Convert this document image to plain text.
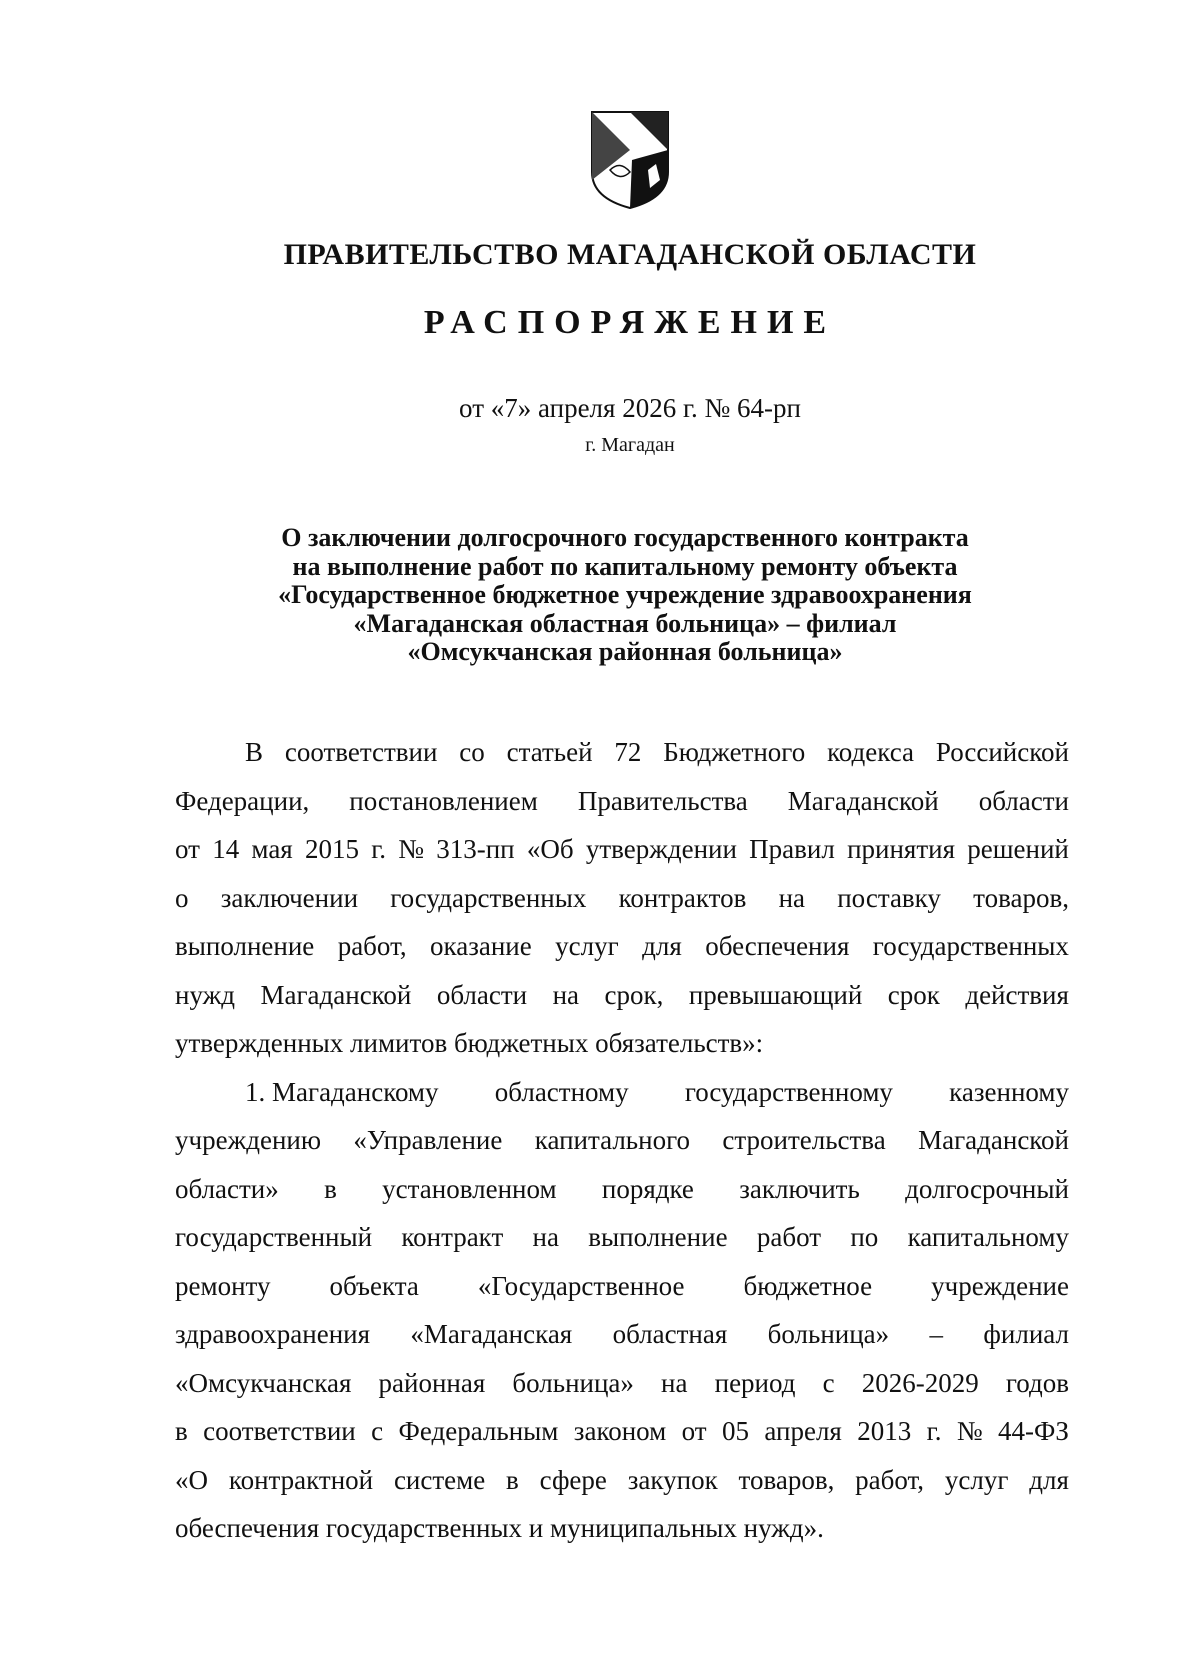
ПРАВИТЕЛЬСТВО МАГАДАНСКОЙ ОБЛАСТИ
РАСПОРЯЖЕНИЕ
от «7» апреля 2026 г. № 64-рп
г. Магадан
О заключении долгосрочного государственного контракта
на выполнение работ по капитальному ремонту объекта
«Государственное бюджетное учреждение здравоохранения
«Магаданская областная больница» – филиал
«Омсукчанская районная больница»
В соответствии со статьей 72 Бюджетного кодекса Российской
Федерации, постановлением Правительства Магаданской области
от 14 мая 2015 г. № 313-пп «Об утверждении Правил принятия решений
о заключении государственных контрактов на поставку товаров,
выполнение работ, оказание услуг для обеспечения государственных
нужд Магаданской области на срок, превышающий срок действия
утвержденных лимитов бюджетных обязательств»:
1. Магаданскому областному государственному казенному
учреждению «Управление капитального строительства Магаданской
области» в установленном порядке заключить долгосрочный
государственный контракт на выполнение работ по капитальному
ремонту объекта «Государственное бюджетное учреждение
здравоохранения «Магаданская областная больница» – филиал
«Омсукчанская районная больница» на период с 2026-2029 годов
в соответствии с Федеральным законом от 05 апреля 2013 г. № 44-ФЗ
«О контрактной системе в сфере закупок товаров, работ, услуг для
обеспечения государственных и муниципальных нужд».
